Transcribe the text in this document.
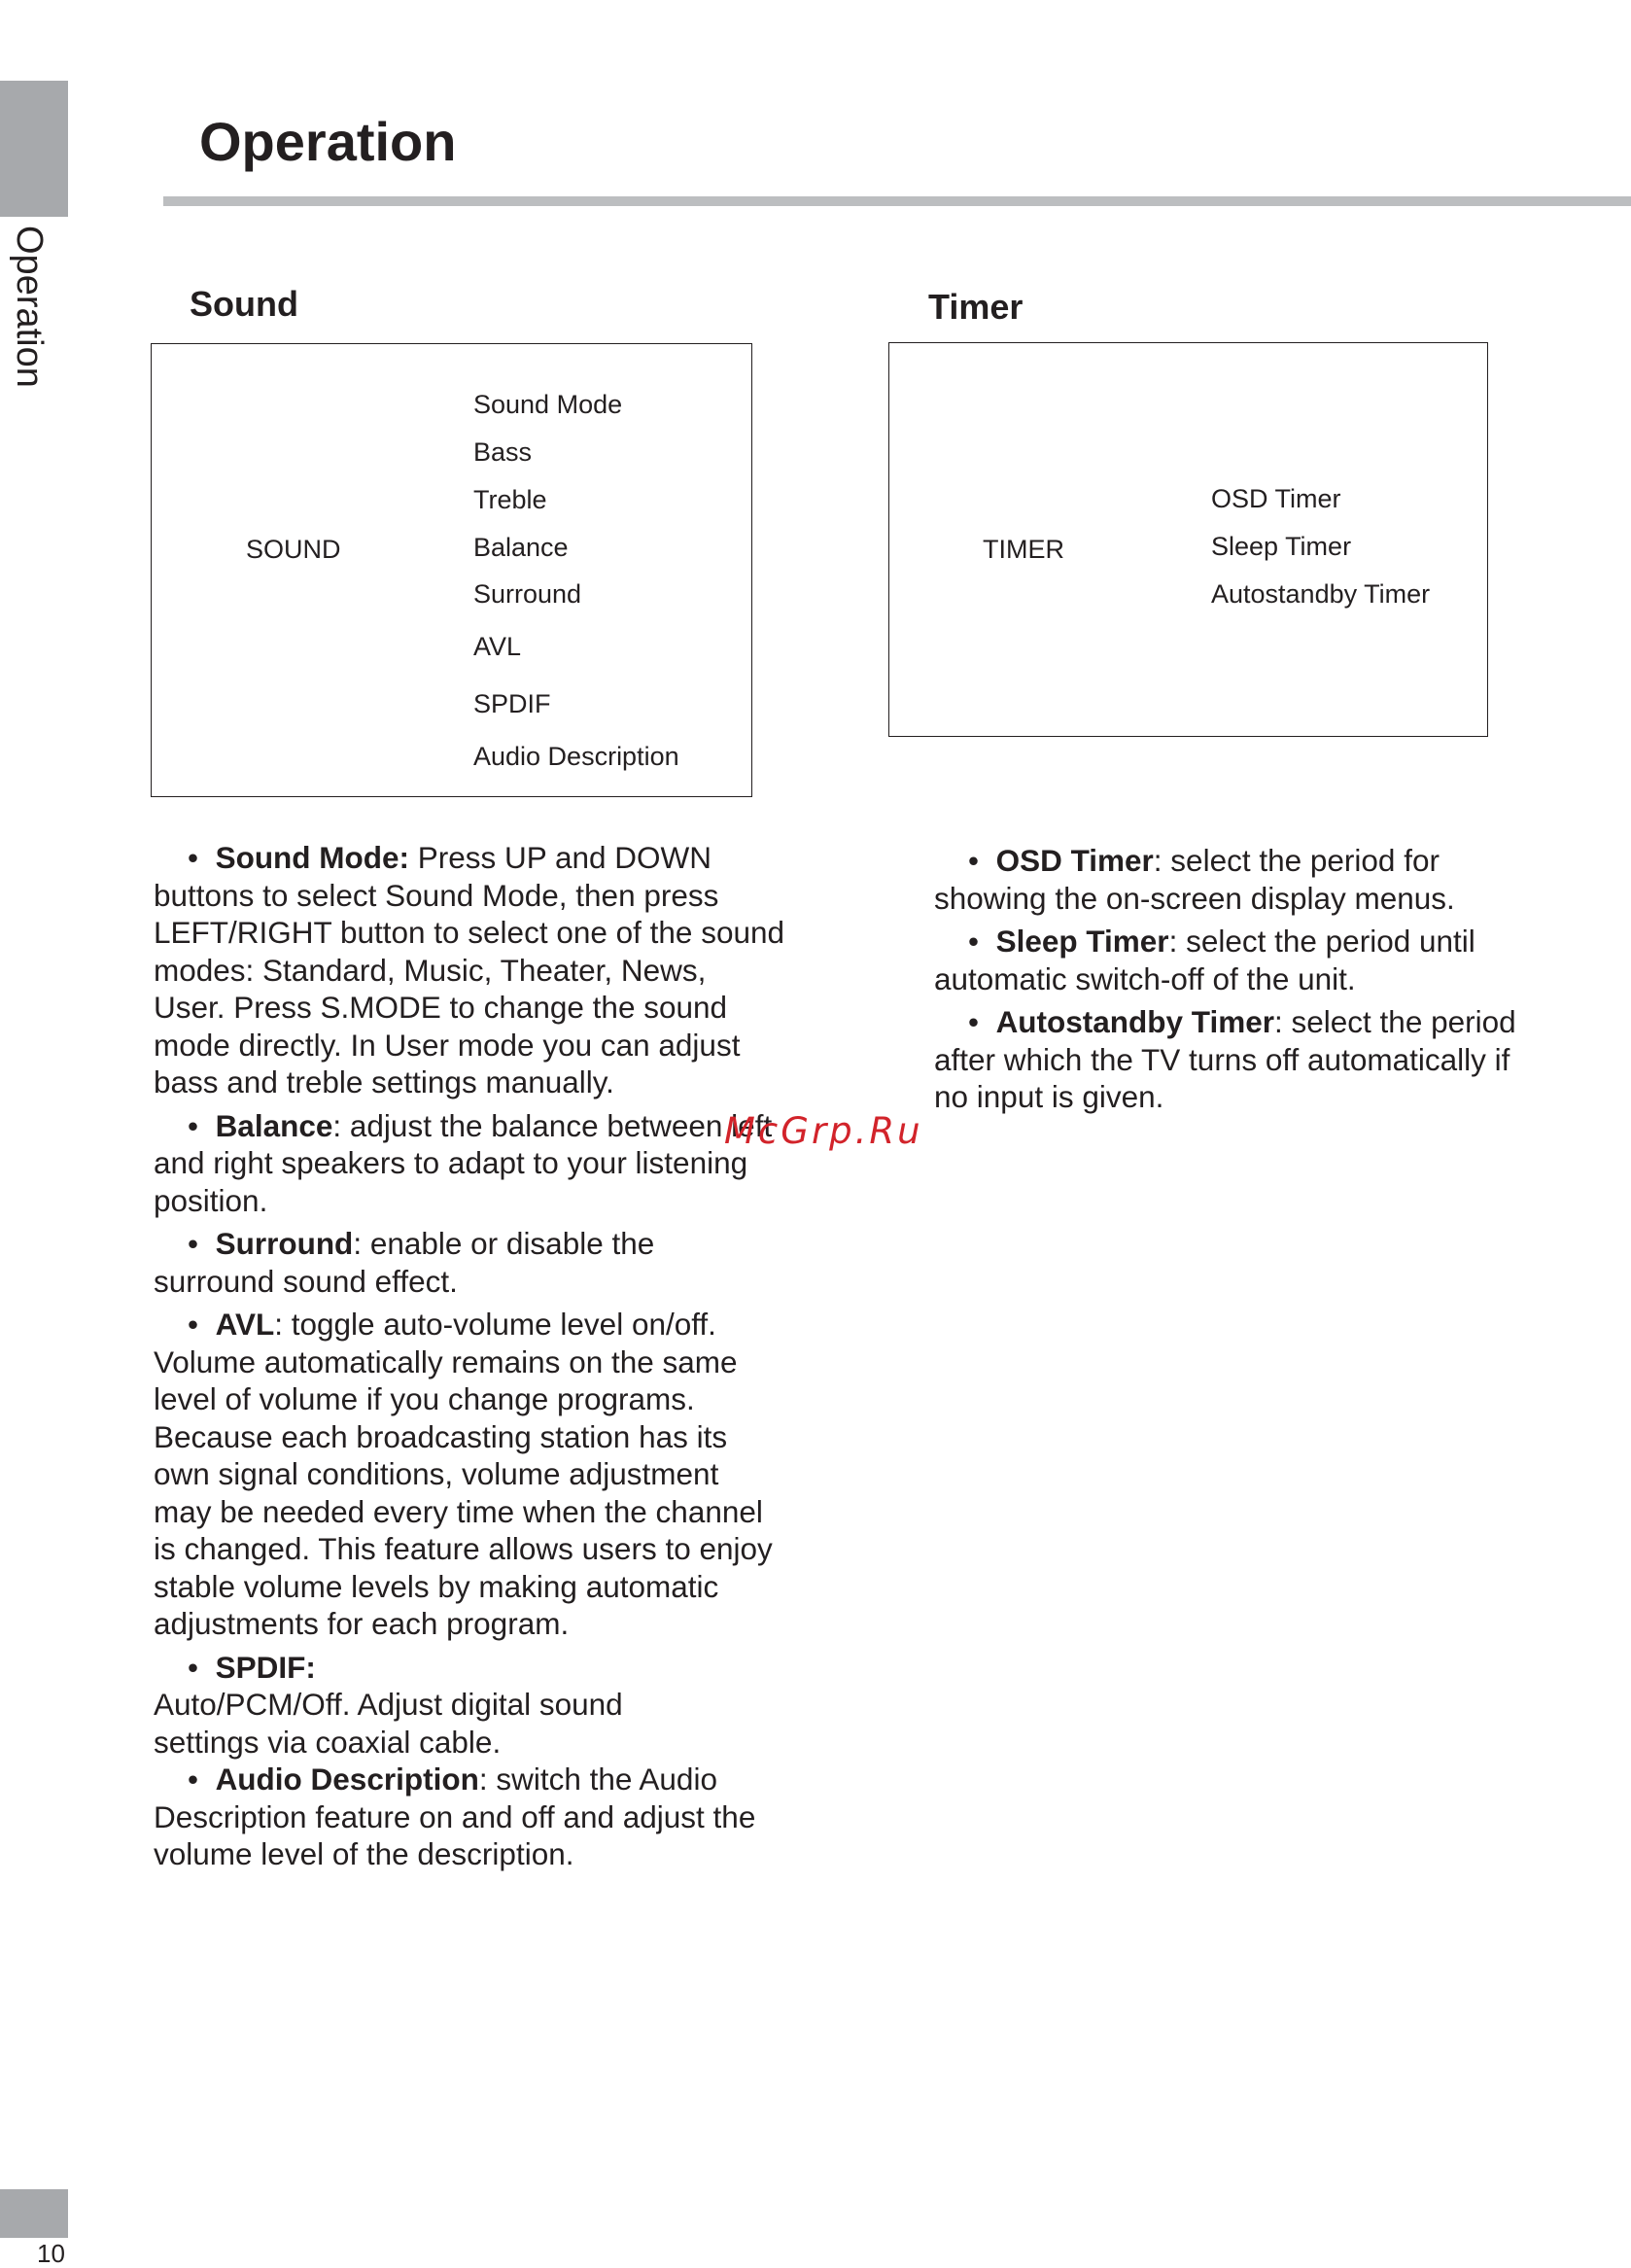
Operation
Operation
Sound
SOUND
Sound Mode
Bass
Treble
Balance
Surround
AVL
SPDIF
Audio Description
Timer
TIMER
OSD Timer
Sleep Timer
Autostandby Timer

• Sound Mode: Press UP and DOWN

buttons to select Sound Mode, then press

LEFT/RIGHT button to select one of the sound

modes: Standard, Music, Theater, News,

User. Press S.MODE to change the sound

mode directly. In User mode you can adjust

bass and treble settings manually.

• Balance: adjust the balance between left

and right speakers to adapt to your listening

position.

• Surround: enable or disable the

surround sound effect.

• AVL: toggle auto-volume level on/off.

Volume automatically remains on the same

level of volume if you change programs.

Because each broadcasting station has its

own signal conditions, volume adjustment

may be needed every time when the channel

is changed. This feature allows users to enjoy

stable volume levels by making automatic

adjustments for each program.

• SPDIF:

Auto/PCM/Off. Adjust digital sound

settings via coaxial cable.

• Audio Description: switch the Audio

Description feature on and off and adjust the

volume level of the description.

• OSD Timer: select the period for

showing the on-screen display menus.

• Sleep Timer: select the period until

automatic switch-off of the unit.

• Autostandby Timer: select the period

after which the TV turns off automatically if

no input is given.

McGrp.Ru
10
